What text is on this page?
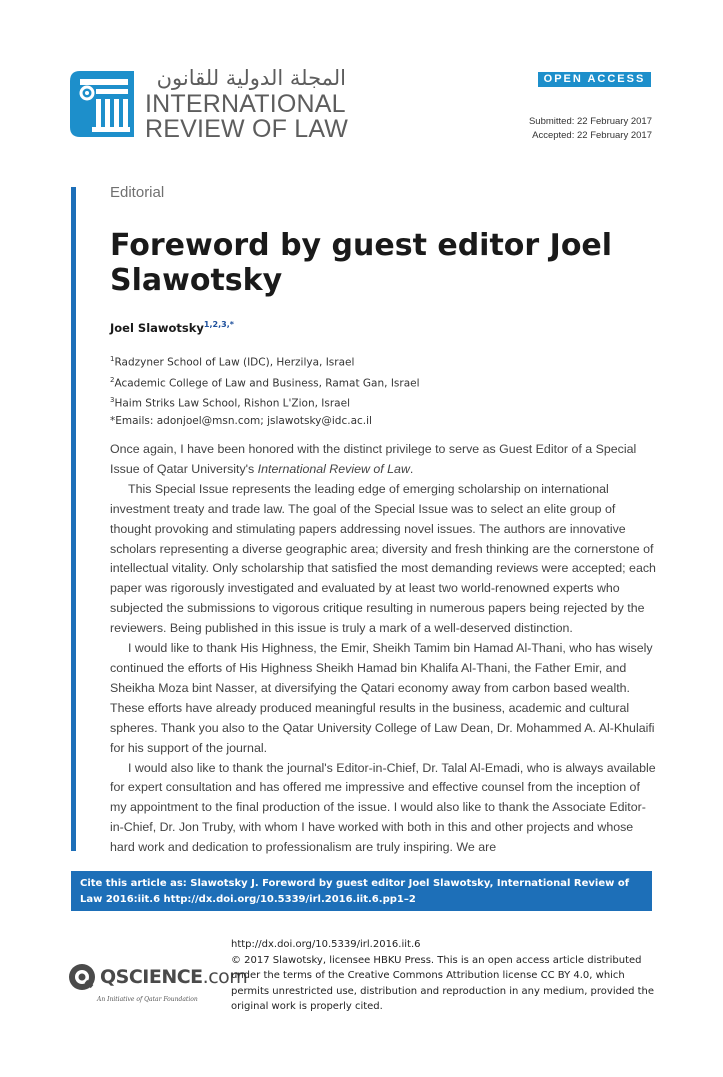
المجلة الدولية للقانون
INTERNATIONAL
REVIEW OF LAW
OPEN ACCESS
Submitted: 22 February 2017
Accepted: 22 February 2017
Editorial
Foreword by guest editor Joel Slawotsky
Joel Slawotsky$^{1,2,3,*}$
$^1$Radzyner School of Law (IDC), Herzilya, Israel
$^2$Academic College of Law and Business, Ramat Gan, Israel
$^3$Haim Striks Law School, Rishon L'Zion, Israel
*Emails: adonjoel@msn.com; jslawotsky@idc.ac.il

Once again, I have been honored with the distinct privilege to serve as Guest Editor of a Special Issue of Qatar University's International Review of Law.

This Special Issue represents the leading edge of emerging scholarship on international investment treaty and trade law. The goal of the Special Issue was to select an elite group of thought provoking and stimulating papers addressing novel issues. The authors are innovative scholars representing a diverse geographic area; diversity and fresh thinking are the cornerstone of intellectual vitality. Only scholarship that satisfied the most demanding reviews were accepted; each paper was rigorously investigated and evaluated by at least two world-renowned experts who subjected the submissions to vigorous critique resulting in numerous papers being rejected by the reviewers. Being published in this issue is truly a mark of a well-deserved distinction.

I would like to thank His Highness, the Emir, Sheikh Tamim bin Hamad Al-Thani, who has wisely continued the efforts of His Highness Sheikh Hamad bin Khalifa Al-Thani, the Father Emir, and Sheikha Moza bint Nasser, at diversifying the Qatari economy away from carbon based wealth. These efforts have already produced meaningful results in the business, academic and cultural spheres. Thank you also to the Qatar University College of Law Dean, Dr. Mohammed A. Al-Khulaifi for his support of the journal.

I would also like to thank the journal's Editor-in-Chief, Dr. Talal Al-Emadi, who is always available for expert consultation and has offered me impressive and effective counsel from the inception of my appointment to the final production of the issue. I would also like to thank the Associate Editor-in-Chief, Dr. Jon Truby, with whom I have worked with both in this and other projects and whose hard work and dedication to professionalism are truly inspiring. We are

Cite this article as: Slawotsky J. Foreword by guest editor Joel Slawotsky, International Review of Law 2016:iit.6 http://dx.doi.org/10.5339/irl.2016.iit.6.pp1–2
QSCIENCE.com
An Initiative of Qatar Foundation
http://dx.doi.org/10.5339/irl.2016.iit.6
© 2017 Slawotsky, licensee HBKU Press. This is an open access article distributed under the terms of the Creative Commons Attribution license CC BY 4.0, which permits unrestricted use, distribution and reproduction in any medium, provided the original work is properly cited.
